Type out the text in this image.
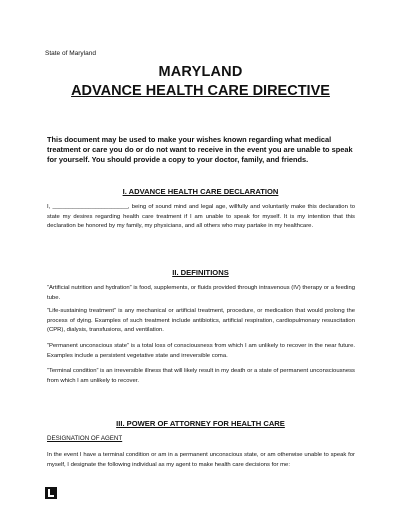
State of Maryland
MARYLAND
ADVANCE HEALTH CARE DIRECTIVE
This document may be used to make your wishes known regarding what medical treatment or care you do or do not want to receive in the event you are unable to speak for yourself. You should provide a copy to your doctor, family, and friends.
I. ADVANCE HEALTH CARE DECLARATION
I, _______________________, being of sound mind and legal age, willfully and voluntarily make this declaration to state my desires regarding health care treatment if I am unable to speak for myself. It is my intention that this declaration be honored by my family, my physicians, and all others who may partake in my healthcare.
II. DEFINITIONS
“Artificial nutrition and hydration” is food, supplements, or fluids provided through intravenous (IV) therapy or a feeding tube.
“Life-sustaining treatment” is any mechanical or artificial treatment, procedure, or medication that would prolong the process of dying. Examples of such treatment include antibiotics, artificial respiration, cardiopulmonary resuscitation (CPR), dialysis, transfusions, and ventilation.
“Permanent unconscious state” is a total loss of consciousness from which I am unlikely to recover in the near future. Examples include a persistent vegetative state and irreversible coma.
“Terminal condition” is an irreversible illness that will likely result in my death or a state of permanent unconsciousness from which I am unlikely to recover.
III. POWER OF ATTORNEY FOR HEALTH CARE
DESIGNATION OF AGENT
In the event I have a terminal condition or am in a permanent unconscious state, or am otherwise unable to speak for myself, I designate the following individual as my agent to make health care decisions for me:
